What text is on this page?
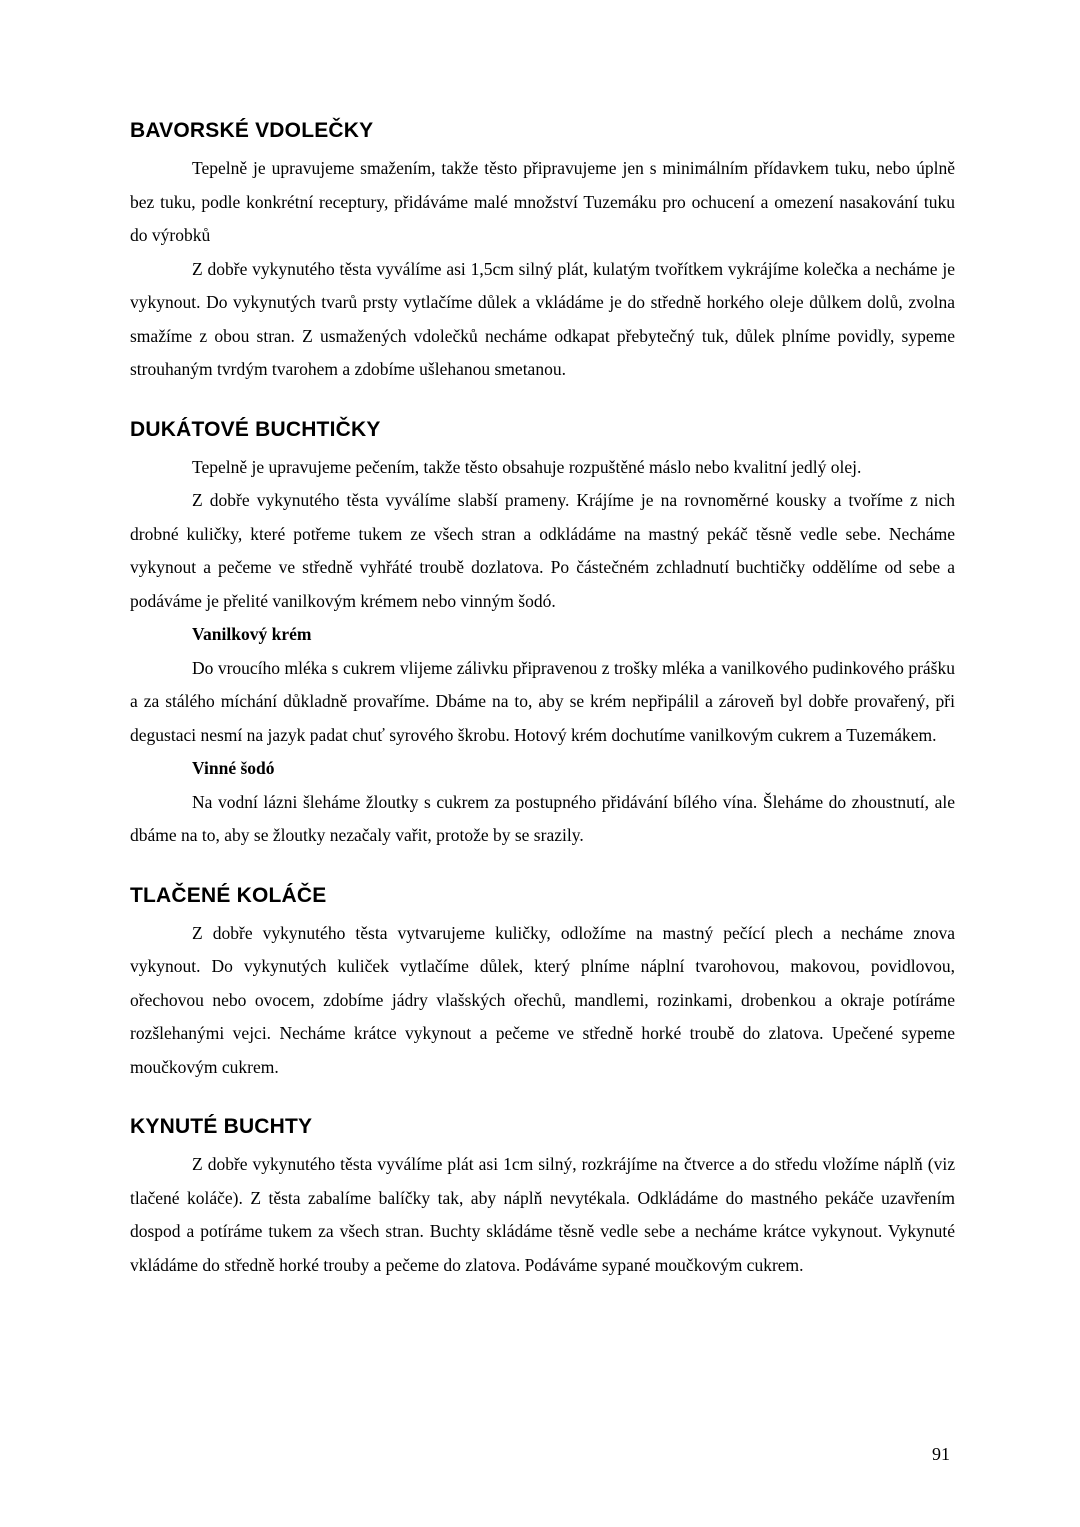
BAVORSKÉ VDOLEČKY

Tepelně je upravujeme smažením, takže těsto připravujeme jen s minimálním přídavkem tuku, nebo úplně bez tuku, podle konkrétní receptury, přidáváme malé množství Tuzemáku pro ochucení a omezení nasakování tuku do výrobků

Z dobře vykynutého těsta vyválíme asi 1,5cm silný plát, kulatým tvořítkem vykrájíme kolečka a necháme je vykynout. Do vykynutých tvarů prsty vytlačíme důlek a vkládáme je do středně horkého oleje důlkem dolů, zvolna smažíme z obou stran. Z usmažených vdolečků necháme odkapat přebytečný tuk, důlek plníme povidly, sypeme strouhaným tvrdým tvarohem a zdobíme ušlehanou smetanou.

DUKÁTOVÉ BUCHTIČKY

Tepelně je upravujeme pečením, takže těsto obsahuje rozpuštěné máslo nebo kvalitní jedlý olej.

Z dobře vykynutého těsta vyválíme slabší prameny. Krájíme je na rovnoměrné kousky a tvoříme z nich drobné kuličky, které potřeme tukem ze všech stran a odkládáme na mastný pekáč těsně vedle sebe. Necháme vykynout a pečeme ve středně vyhřáté troubě dozlatova. Po částečném zchladnutí buchtičky oddělíme od sebe a podáváme je přelité vanilkovým krémem nebo vinným šodó.

Vanilkový krém

Do vroucího mléka s cukrem vlijeme zálivku připravenou z trošky mléka a vanilkového pudinkového prášku a za stálého míchání důkladně provaříme. Dbáme na to, aby se krém nepřipálil a zároveň byl dobře provařený, při degustaci nesmí na jazyk padat chuť syrového škrobu. Hotový krém dochutíme vanilkovým cukrem a Tuzemákem.

Vinné šodó

Na vodní lázni šleháme žloutky s cukrem za postupného přidávání bílého vína. Šleháme do zhoustnutí, ale dbáme na to, aby se žloutky nezačaly vařit, protože by se srazily.

TLAČENÉ KOLÁČE

Z dobře vykynutého těsta vytvarujeme kuličky, odložíme na mastný pečící plech a necháme znova vykynout. Do vykynutých kuliček vytlačíme důlek, který plníme náplní tvarohovou, makovou, povidlovou, ořechovou nebo ovocem, zdobíme jádry vlašských ořechů, mandlemi, rozinkami, drobenkou a okraje potíráme rozšlehanými vejci. Necháme krátce vykynout a pečeme ve středně horké troubě do zlatova. Upečené sypeme moučkovým cukrem.

KYNUTÉ BUCHTY

Z dobře vykynutého těsta vyválíme plát asi 1cm silný, rozkrájíme na čtverce a do středu vložíme náplň (viz tlačené koláče). Z těsta zabalíme balíčky tak, aby náplň nevytékala. Odkládáme do mastného pekáče uzavřením dospod a potíráme tukem za všech stran. Buchty skládáme těsně vedle sebe a necháme krátce vykynout. Vykynuté vkládáme do středně horké trouby a pečeme do zlatova. Podáváme sypané moučkovým cukrem.

91
